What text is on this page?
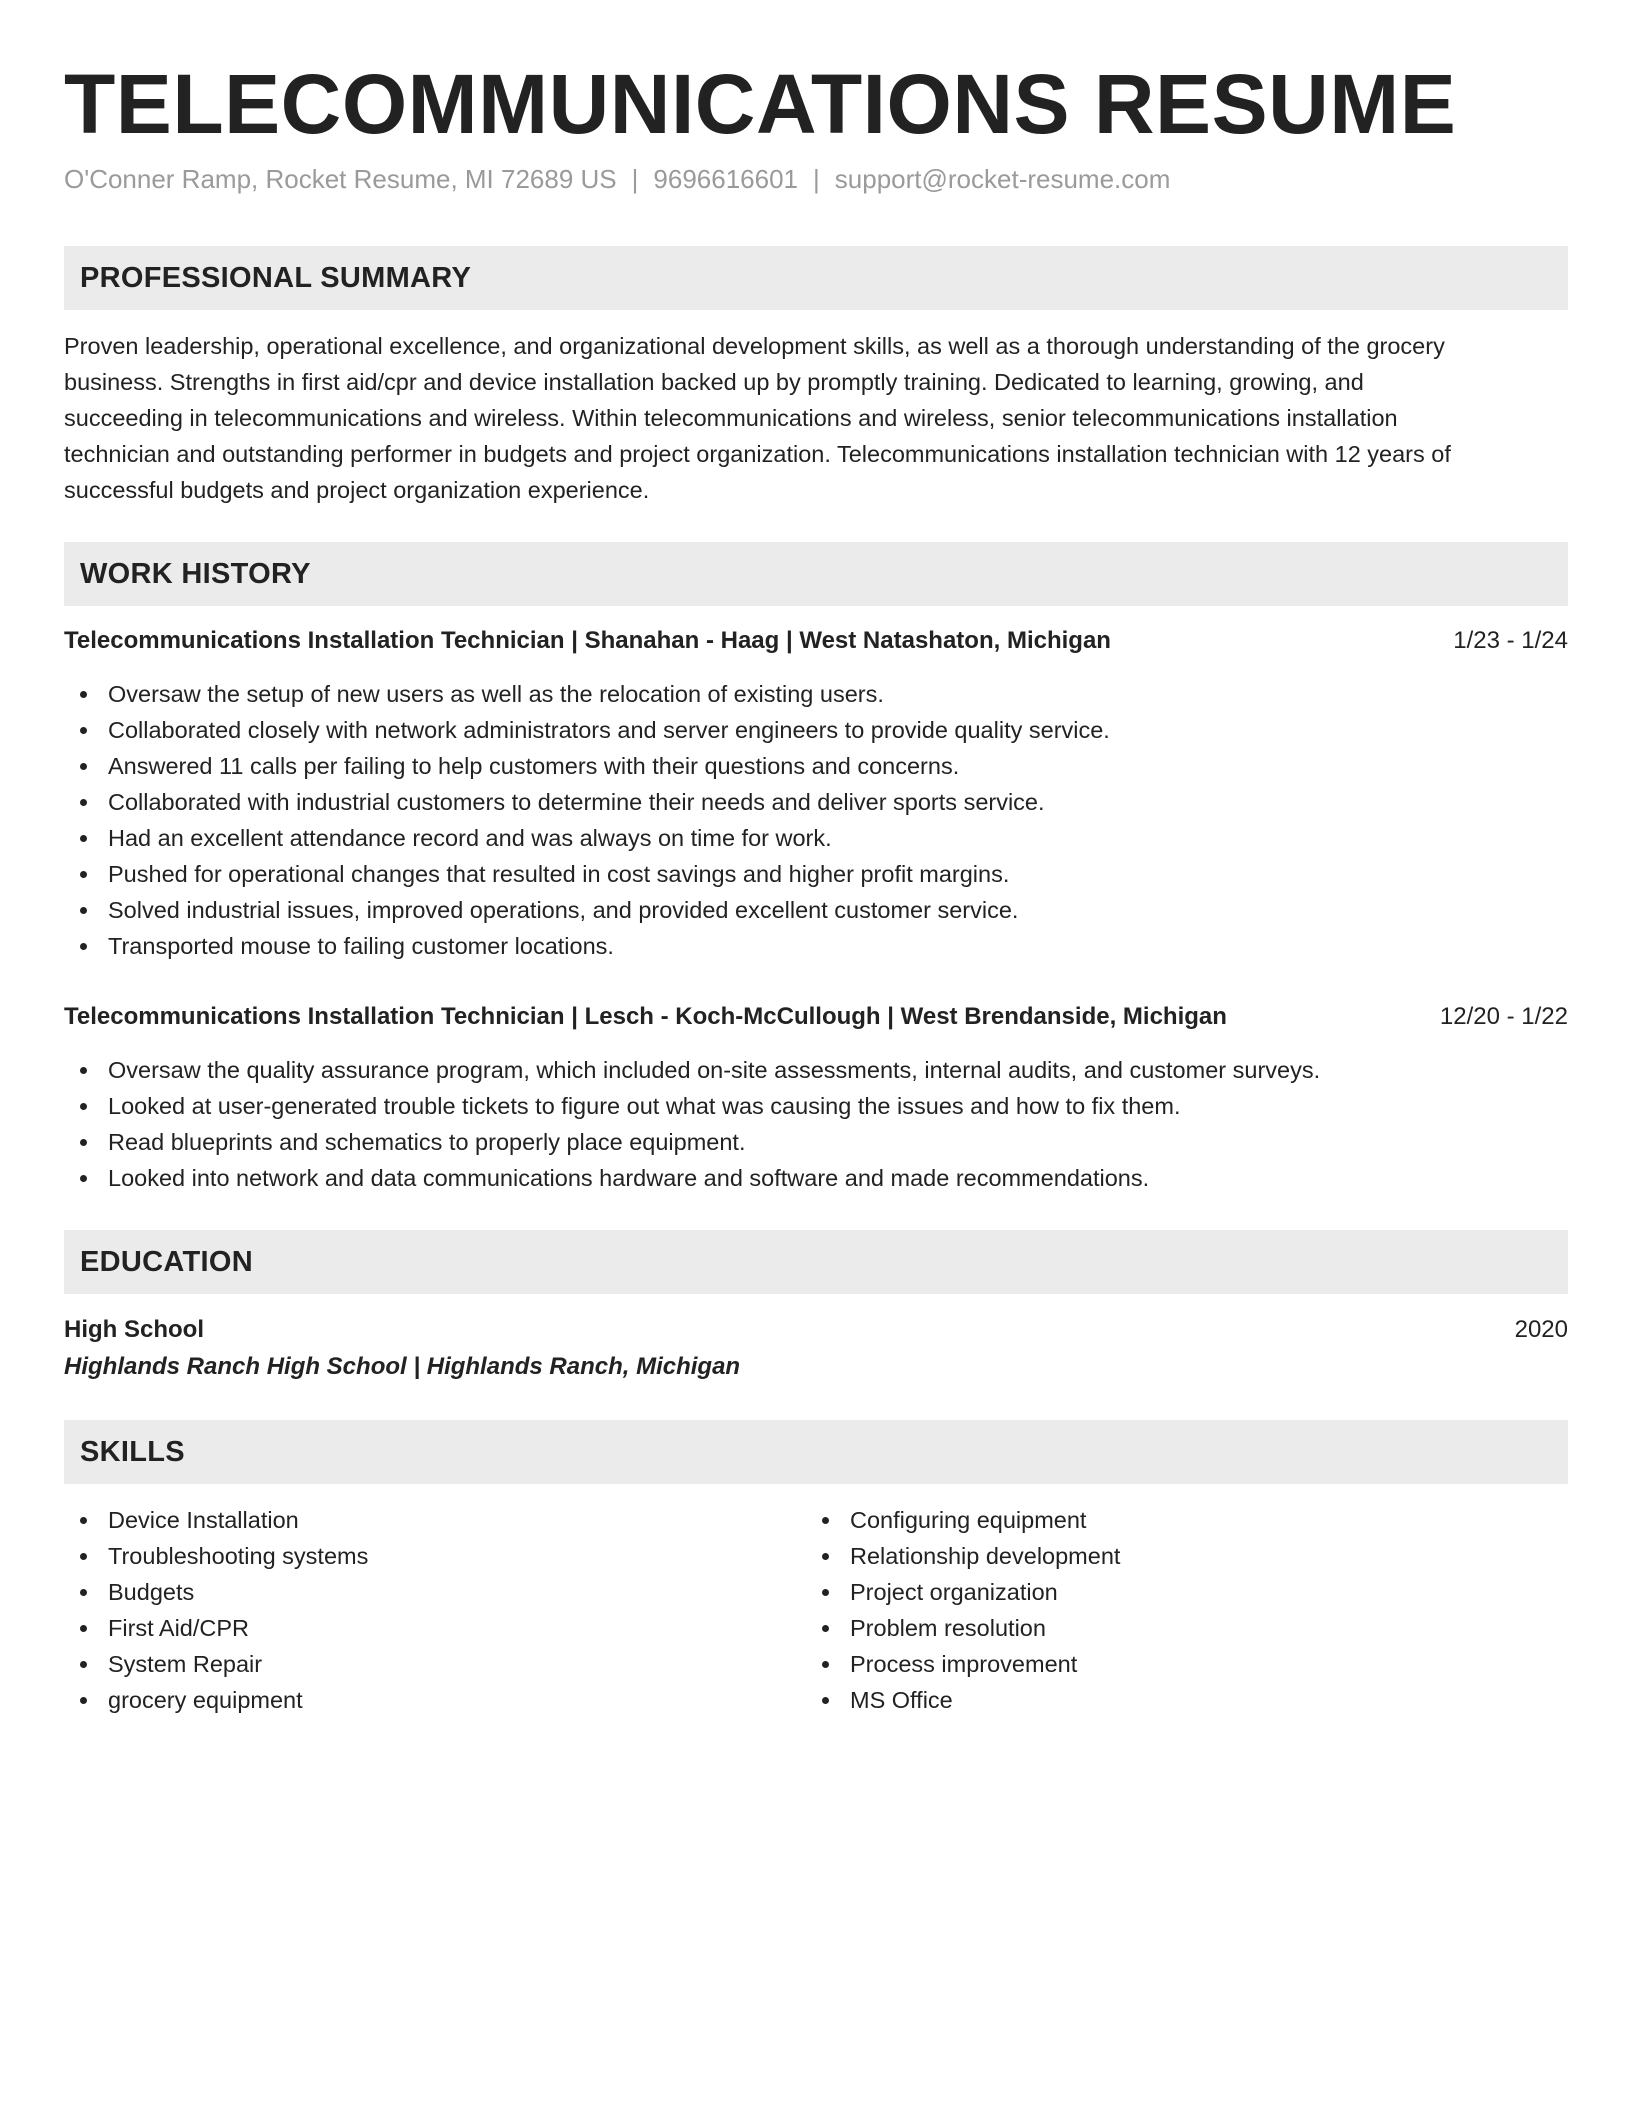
TELECOMMUNICATIONS RESUME
O'Conner Ramp, Rocket Resume, MI 72689 US | 9696616601 | support@rocket-resume.com
PROFESSIONAL SUMMARY
Proven leadership, operational excellence, and organizational development skills, as well as a thorough understanding of the grocery
business. Strengths in first aid/cpr and device installation backed up by promptly training. Dedicated to learning, growing, and
succeeding in telecommunications and wireless. Within telecommunications and wireless, senior telecommunications installation
technician and outstanding performer in budgets and project organization. Telecommunications installation technician with 12 years of
successful budgets and project organization experience.
WORK HISTORY
Telecommunications Installation Technician | Shanahan - Haag | West Natashaton, Michigan	1/23 - 1/24
Oversaw the setup of new users as well as the relocation of existing users.
Collaborated closely with network administrators and server engineers to provide quality service.
Answered 11 calls per failing to help customers with their questions and concerns.
Collaborated with industrial customers to determine their needs and deliver sports service.
Had an excellent attendance record and was always on time for work.
Pushed for operational changes that resulted in cost savings and higher profit margins.
Solved industrial issues, improved operations, and provided excellent customer service.
Transported mouse to failing customer locations.
Telecommunications Installation Technician | Lesch - Koch-McCullough | West Brendanside, Michigan	12/20 - 1/22
Oversaw the quality assurance program, which included on-site assessments, internal audits, and customer surveys.
Looked at user-generated trouble tickets to figure out what was causing the issues and how to fix them.
Read blueprints and schematics to properly place equipment.
Looked into network and data communications hardware and software and made recommendations.
EDUCATION
High School	2020
Highlands Ranch High School | Highlands Ranch, Michigan
SKILLS
Device Installation
Troubleshooting systems
Budgets
First Aid/CPR
System Repair
grocery equipment
Configuring equipment
Relationship development
Project organization
Problem resolution
Process improvement
MS Office
